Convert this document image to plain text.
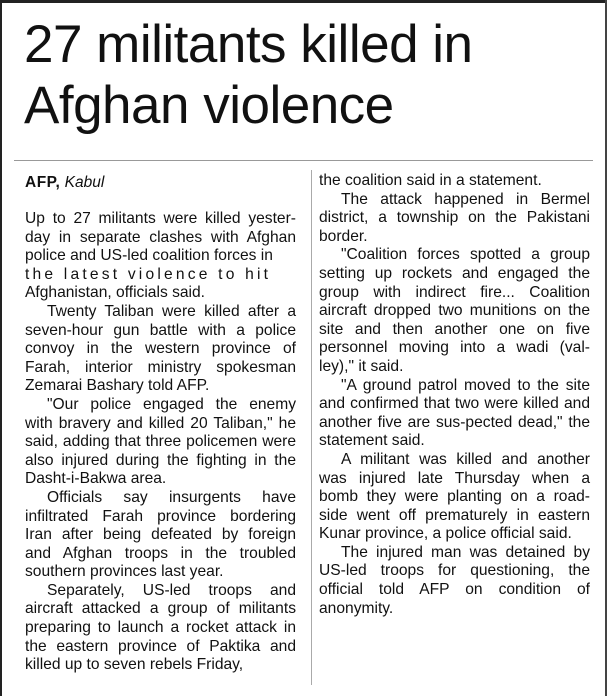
27 militants killed in
Afghan violence
AFP, Kabul

Up to 27 militants were killed yester-day in separate clashes with Afghan police and US-led coalition forces in

the latest violence to hit

Afghanistan, officials said.

Twenty Taliban were killed after a seven-hour gun battle with a police convoy in the western province of Farah, interior ministry spokesman Zemarai Bashary told AFP.

"Our police engaged the enemy with bravery and killed 20 Taliban," he said, adding that three policemen were also injured during the fighting in the Dasht-i-Bakwa area.

Officials say insurgents have infiltrated Farah province bordering Iran after being defeated by foreign and Afghan troops in the troubled southern provinces last year.

Separately, US-led troops and aircraft attacked a group of militants preparing to launch a rocket attack in the eastern province of Paktika and killed up to seven rebels Friday,

the coalition said in a statement.

The attack happened in Bermel district, a township on the Pakistani border.

"Coalition forces spotted a group setting up rockets and engaged the group with indirect fire... Coalition aircraft dropped two munitions on the site and then another one on five personnel moving into a wadi (val-ley)," it said.

"A ground patrol moved to the site and confirmed that two were killed and another five are sus-pected dead," the statement said.

A militant was killed and another was injured late Thursday when a bomb they were planting on a road-side went off prematurely in eastern Kunar province, a police official said.

The injured man was detained by US-led troops for questioning, the official told AFP on condition of anonymity.
